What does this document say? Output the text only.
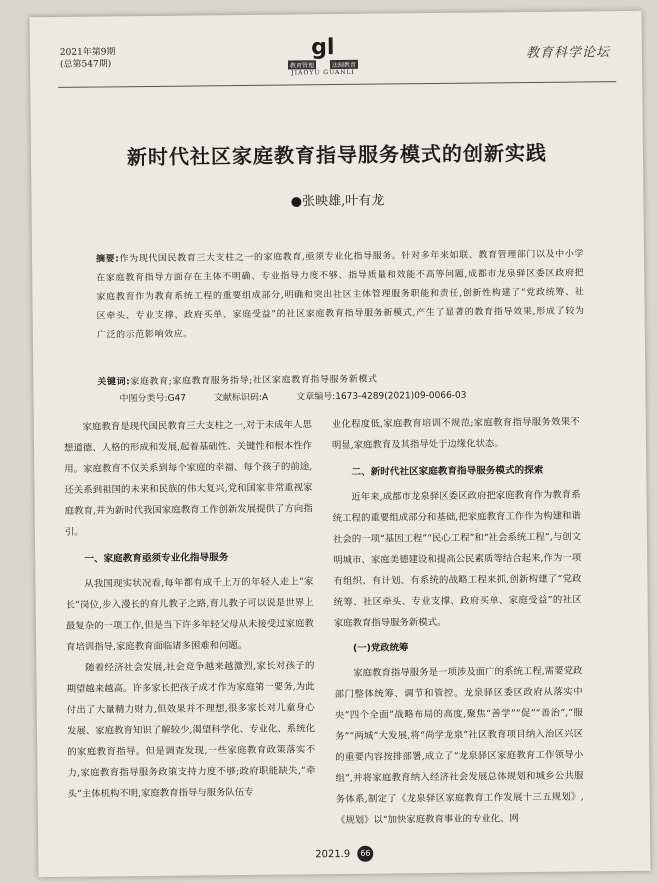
2021年第9期
(总第547期)
gl
教育管理	法制教育
JIAOYU GUANLI
教育科学论坛
新时代社区家庭教育指导服务模式的创新实践
●张映雄,叶有龙
摘要:作为现代国民教育三大支柱之一的家庭教育,亟须专业化指导服务。针对多年来如联、教育管理部门以及中小学在家庭教育指导方面存在主体不明确、专业指导力度不够、指导质量和效能不高等问题,成都市龙泉驿区委区政府把家庭教育作为教育系统工程的重要组成部分,明确和突出社区主体管理服务职能和责任,创新性构建了“党政统筹、社区牵头、专业支撑、政府买单、家庭受益”的社区家庭教育指导服务新模式,产生了显著的教育指导效果,形成了较为广泛的示范影响效应。
关键词:家庭教育;家庭教育服务指导;社区家庭教育指导服务新模式
中图分类号:G47	文献标识码:A	文章编号:1673-4289(2021)09-0066-03

家庭教育是现代国民教育三大支柱之一,对于未成年人思想道德、人格的形成和发展,起着基础性、关键性和根本性作用。家庭教育不仅关系到每个家庭的幸福、每个孩子的前途,还关系到祖国的未来和民族的伟大复兴,党和国家非常重视家庭教育,并为新时代我国家庭教育工作创新发展提供了方向指引。

一、家庭教育亟须专业化指导服务

从我国现实状况看,每年都有成千上万的年轻人走上“家长”岗位,步入漫长的育儿教子之路,育儿教子可以说是世界上最复杂的一项工作,但是当下许多年轻父母从未接受过家庭教育培训指导,家庭教育面临诸多困难和问题。

随着经济社会发展,社会竞争越来越激烈,家长对孩子的期望越来越高。许多家长把孩子成才作为家庭第一要务,为此付出了大量精力财力,但效果并不理想,很多家长对儿童身心发展、家庭教育知识了解较少,渴望科学化、专业化、系统化的家庭教育指导。但是调查发现,一些家庭教育政策落实不力,家庭教育指导服务政策支持力度不够;政府职能缺失,“牵头”主体机构不明,家庭教育指导与服务队伍专

业化程度低,家庭教育培训不规范;家庭教育指导服务效果不明显,家庭教育及其指导处于边缘化状态。

二、新时代社区家庭教育指导服务模式的探索

近年来,成都市龙泉驿区委区政府把家庭教育作为教育系统工程的重要组成部分和基础,把家庭教育工作作为构建和谐社会的一项“基因工程”“民心工程”和“社会系统工程”,与创文明城市、家庭美德建设和提高公民素质等结合起来,作为一项有组织、有计划、有系统的战略工程来抓,创新构建了“党政统筹、社区牵头、专业支撑、政府买单、家庭受益”的社区家庭教育指导服务新模式。

(一)党政统筹

家庭教育指导服务是一项涉及面广的系统工程,需要党政部门整体统筹、调节和管控。龙泉驿区委区政府从落实中央“四个全面”战略布局的高度,聚焦“善学”“促”“善治”,“服务”“两城”大发展,将“尚学龙泉”社区教育项目纳入治区兴区的重要内容按排部署,成立了“龙泉驿区家庭教育工作领导小组”,并将家庭教育纳入经济社会发展总体规划和城乡公共服务体系,制定了《龙泉驿区家庭教育工作发展十三五规划》,《规划》以“加快家庭教育事业的专业化、网

2021.9 66
